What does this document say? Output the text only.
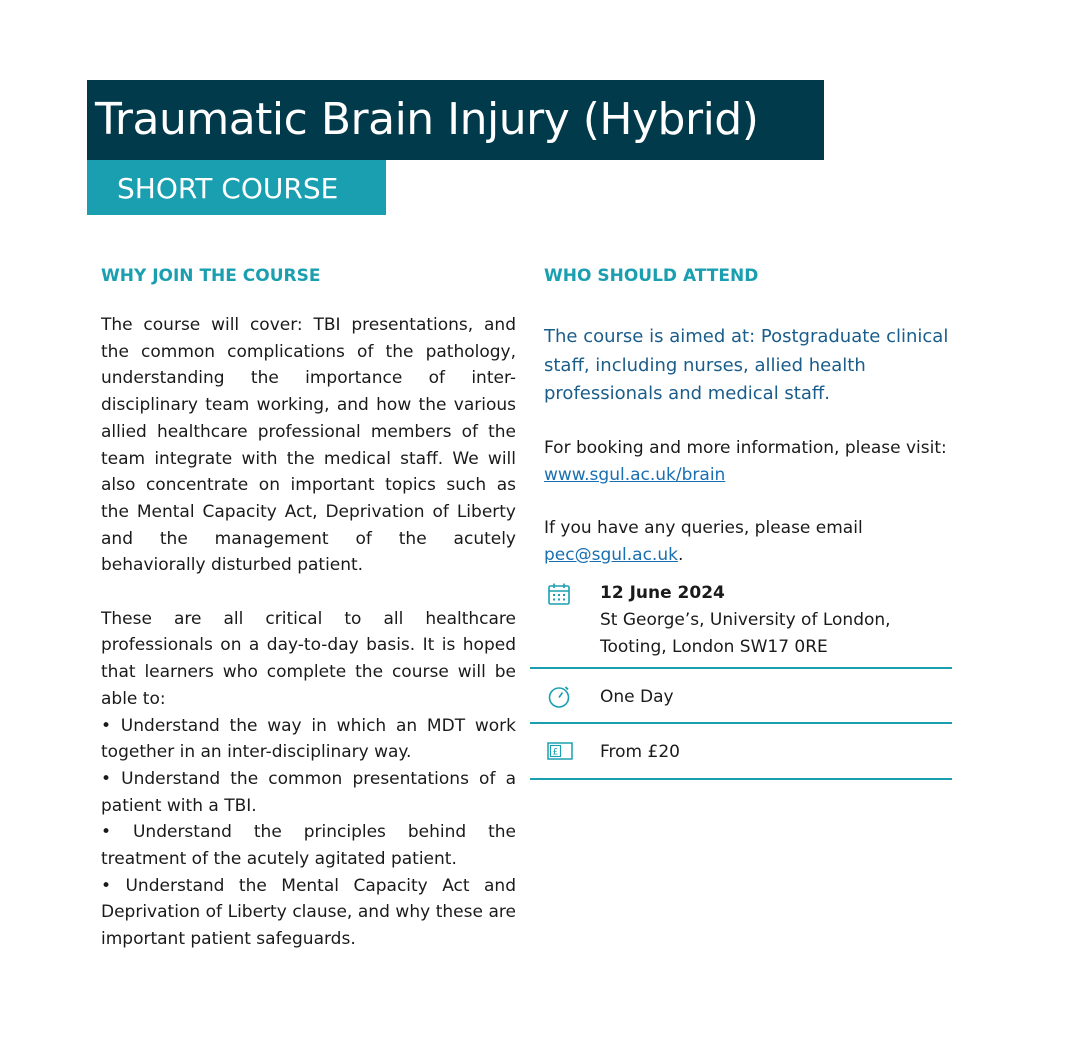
Traumatic Brain Injury (Hybrid)
SHORT COURSE
WHY JOIN THE COURSE

The course will cover: TBI presentations, and the common complications of the pathology, understanding the importance of inter-disciplinary team working, and how the various allied healthcare professional members of the team integrate with the medical staff. We will also concentrate on important topics such as the Mental Capacity Act, Deprivation of Liberty and the management of the acutely behaviorally disturbed patient.

These are all critical to all healthcare professionals on a day-to-day basis. It is hoped that learners who complete the course will be able to:

• Understand the way in which an MDT work together in an inter-disciplinary way.

• Understand the common presentations of a patient with a TBI.

• Understand the principles behind the treatment of the acutely agitated patient.

• Understand the Mental Capacity Act and Deprivation of Liberty clause, and why these are important patient safeguards.

WHO SHOULD ATTEND

The course is aimed at: Postgraduate clinical staff, including nurses, allied health professionals and medical staff.

For booking and more information, please visit: www.sgul.ac.uk/brain

If you have any queries, please email pec@sgul.ac.uk.

12 June 2024
St George’s, University of London,
Tooting, London SW17 0RE
One Day
£ From £20
